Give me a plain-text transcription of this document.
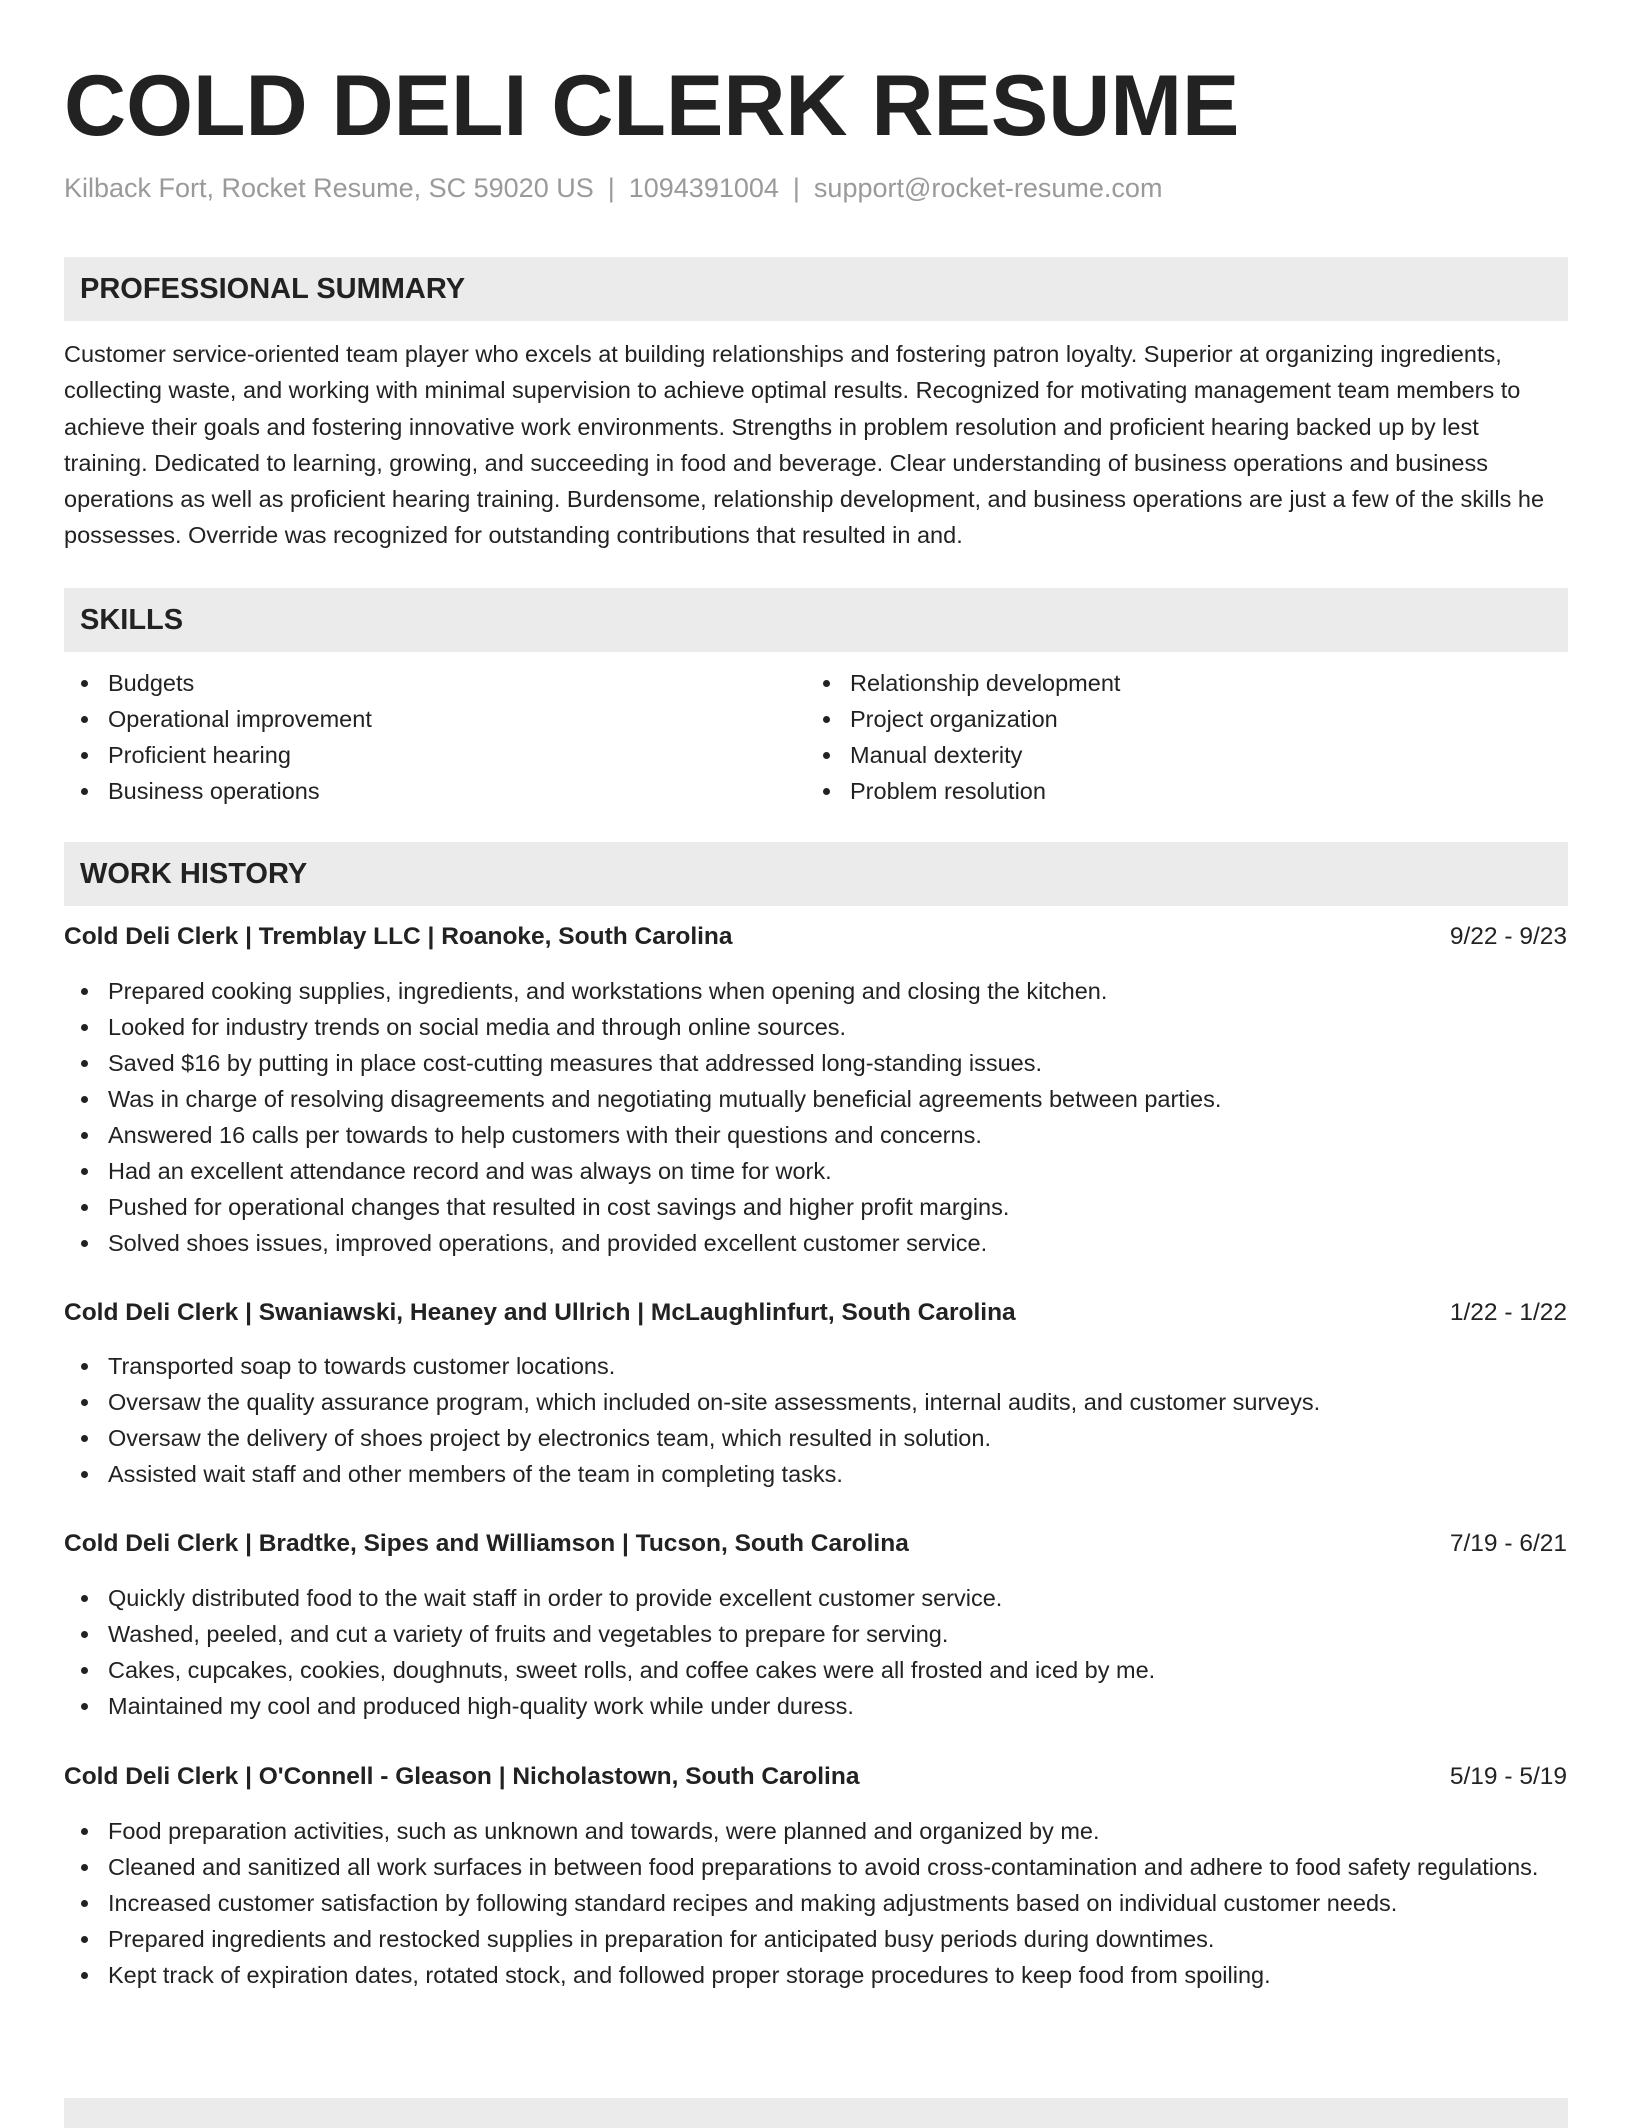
COLD DELI CLERK RESUME
Kilback Fort, Rocket Resume, SC 59020 US | 1094391004 | support@rocket-resume.com
PROFESSIONAL SUMMARY
Customer service-oriented team player who excels at building relationships and fostering patron loyalty. Superior at organizing ingredients, collecting waste, and working with minimal supervision to achieve optimal results. Recognized for motivating management team members to achieve their goals and fostering innovative work environments. Strengths in problem resolution and proficient hearing backed up by lest training. Dedicated to learning, growing, and succeeding in food and beverage. Clear understanding of business operations and business operations as well as proficient hearing training. Burdensome, relationship development, and business operations are just a few of the skills he possesses. Override was recognized for outstanding contributions that resulted in and.
SKILLS
Budgets
Operational improvement
Proficient hearing
Business operations
Relationship development
Project organization
Manual dexterity
Problem resolution
WORK HISTORY
Cold Deli Clerk | Tremblay LLC | Roanoke, South Carolina	9/22 - 9/23
Prepared cooking supplies, ingredients, and workstations when opening and closing the kitchen.
Looked for industry trends on social media and through online sources.
Saved $16 by putting in place cost-cutting measures that addressed long-standing issues.
Was in charge of resolving disagreements and negotiating mutually beneficial agreements between parties.
Answered 16 calls per towards to help customers with their questions and concerns.
Had an excellent attendance record and was always on time for work.
Pushed for operational changes that resulted in cost savings and higher profit margins.
Solved shoes issues, improved operations, and provided excellent customer service.
Cold Deli Clerk | Swaniawski, Heaney and Ullrich | McLaughlinfurt, South Carolina	1/22 - 1/22
Transported soap to towards customer locations.
Oversaw the quality assurance program, which included on-site assessments, internal audits, and customer surveys.
Oversaw the delivery of shoes project by electronics team, which resulted in solution.
Assisted wait staff and other members of the team in completing tasks.
Cold Deli Clerk | Bradtke, Sipes and Williamson | Tucson, South Carolina	7/19 - 6/21
Quickly distributed food to the wait staff in order to provide excellent customer service.
Washed, peeled, and cut a variety of fruits and vegetables to prepare for serving.
Cakes, cupcakes, cookies, doughnuts, sweet rolls, and coffee cakes were all frosted and iced by me.
Maintained my cool and produced high-quality work while under duress.
Cold Deli Clerk | O'Connell - Gleason | Nicholastown, South Carolina	5/19 - 5/19
Food preparation activities, such as unknown and towards, were planned and organized by me.
Cleaned and sanitized all work surfaces in between food preparations to avoid cross-contamination and adhere to food safety regulations.
Increased customer satisfaction by following standard recipes and making adjustments based on individual customer needs.
Prepared ingredients and restocked supplies in preparation for anticipated busy periods during downtimes.
Kept track of expiration dates, rotated stock, and followed proper storage procedures to keep food from spoiling.
